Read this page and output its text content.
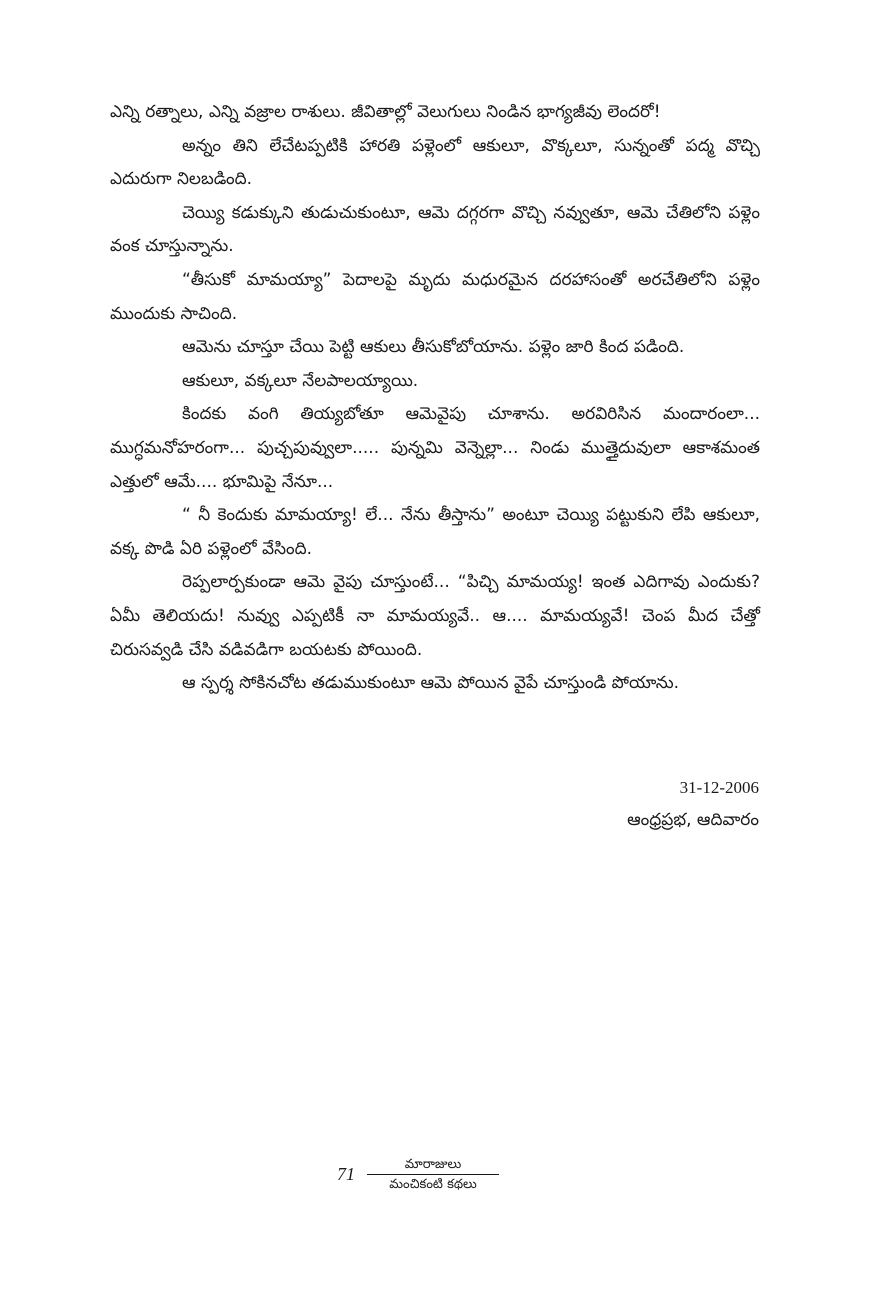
ఎన్ని రత్నాలు, ఎన్ని వజ్రాల రాశులు. జీవితాల్లో వెలుగులు నిండిన భాగ్యజీవు లెందరో!

అన్నం తిని లేచేటప్పటికి హారతి పళ్లెంలో ఆకులూ, వొక్కలూ, సున్నంతో పద్మ వొచ్చి ఎదురుగా నిలబడింది.

చెయ్యి కడుక్కుని తుడుచుకుంటూ, ఆమె దగ్గరగా వొచ్చి నవ్వుతూ, ఆమె చేతిలోని పళ్లెం వంక చూస్తున్నాను.

“తీసుకో మామయ్యా” పెదాలపై మృదు మధురమైన దరహాసంతో అరచేతిలోని పళ్లెం ముందుకు సాచింది.

ఆమెను చూస్తూ చేయి పెట్టి ఆకులు తీసుకోబోయాను. పళ్లెం జారి కింద పడింది.

ఆకులూ, వక్కలూ నేలపాలయ్యాయి.

కిందకు వంగి తియ్యబోతూ ఆమెవైపు చూశాను. అరవిరిసిన మందారంలా... ముగ్ధమనోహరంగా... పుచ్చపువ్వులా..... పున్నమి వెన్నెల్లా... నిండు ముత్తైదువులా ఆకాశమంత ఎత్తులో ఆమే.... భూమిపై నేనూ...

“ నీ కెందుకు మామయ్యా! లే... నేను తీస్తాను” అంటూ చెయ్యి పట్టుకుని లేపి ఆకులూ, వక్క పొడి ఏరి పళ్లెంలో వేసింది.

రెప్పలార్పకుండా ఆమె వైపు చూస్తుంటే... “పిచ్చి మామయ్య! ఇంత ఎదిగావు ఎందుకు? ఏమీ తెలియదు! నువ్వు ఎప్పటికీ నా మామయ్యవే.. ఆ.... మామయ్యవే! చెంప మీద చేత్తో చిరుసవ్వడి చేసి వడివడిగా బయటకు పోయింది.

ఆ స్పర్శ సోకినచోట తడుముకుంటూ ఆమె పోయిన వైపే చూస్తుండి పోయాను.

31-12-2006
ఆంధ్రప్రభ, ఆదివారం
71	మారాజులు
మంచికంటి కథలు
